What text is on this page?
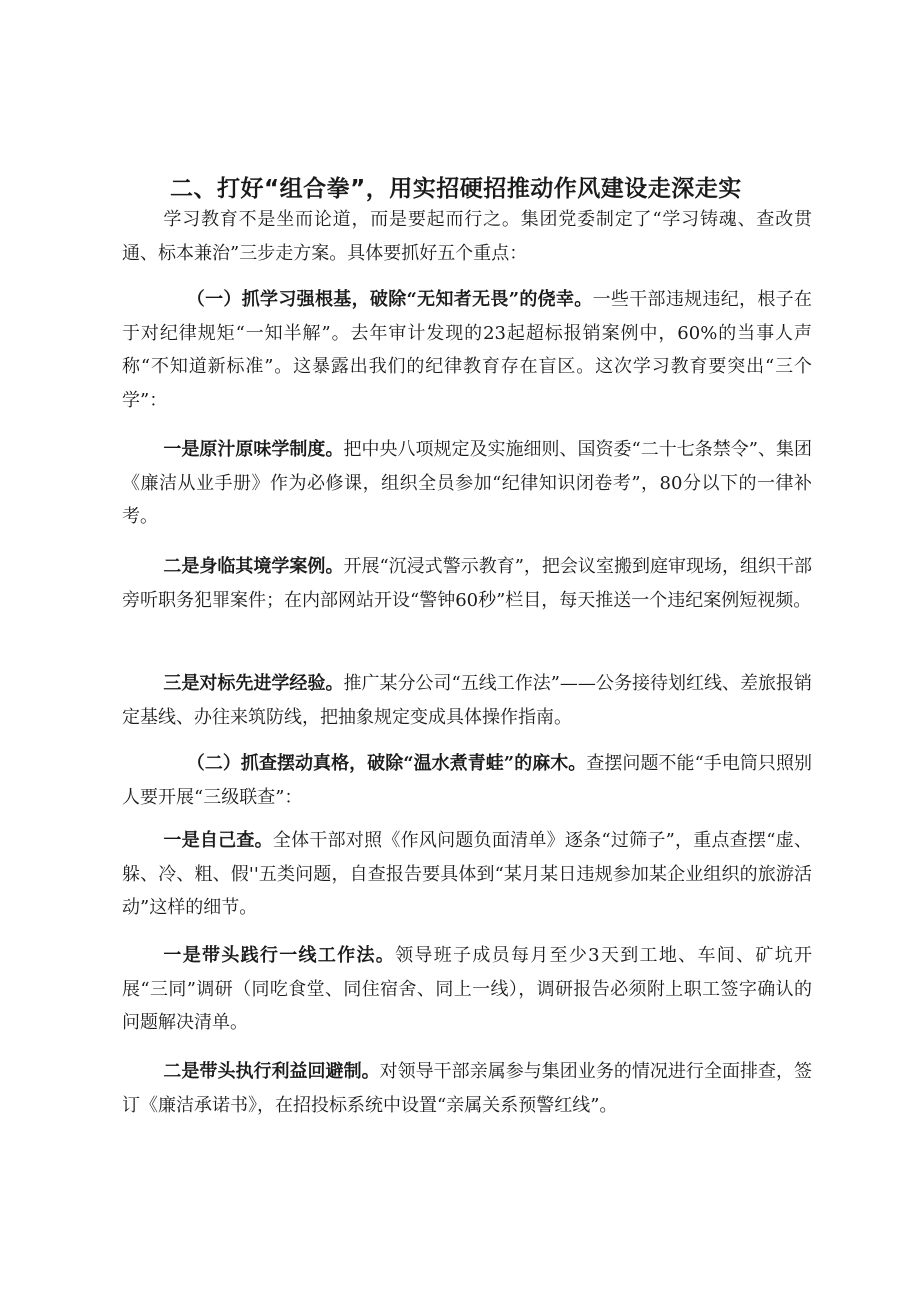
二、打好“组合拳”，用实招硬招推动作风建设走深走实

学习教育不是坐而论道，而是要起而行之。集团党委制定了“学习铸魂、查改贯通、标本兼治”三步走方案。具体要抓好五个重点：

（一）抓学习强根基，破除“无知者无畏”的侥幸。一些干部违规违纪，根子在于对纪律规矩“一知半解”。去年审计发现的23起超标报销案例中，60%的当事人声称“不知道新标准”。这暴露出我们的纪律教育存在盲区。这次学习教育要突出“三个学”：

一是原汁原味学制度。把中央八项规定及实施细则、国资委“二十七条禁令”、集团《廉洁从业手册》作为必修课，组织全员参加“纪律知识闭卷考”，80分以下的一律补考。

二是身临其境学案例。开展“沉浸式警示教育”，把会议室搬到庭审现场，组织干部旁听职务犯罪案件；在内部网站开设“警钟60秒”栏目，每天推送一个违纪案例短视频。

三是对标先进学经验。推广某分公司“五线工作法”——公务接待划红线、差旅报销定基线、办往来筑防线，把抽象规定变成具体操作指南。

（二）抓查摆动真格，破除“温水煮青蛙”的麻木。查摆问题不能“手电筒只照别人要开展“三级联查”：

一是自己查。全体干部对照《作风问题负面清单》逐条“过筛子”，重点查摆“虚、躲、冷、粗、假''五类问题，自查报告要具体到“某月某日违规参加某企业组织的旅游活动”这样的细节。

一是带头践行一线工作法。领导班子成员每月至少3天到工地、车间、矿坑开展“三同”调研（同吃食堂、同住宿舍、同上一线），调研报告必须附上职工签字确认的问题解决清单。

二是带头执行利益回避制。对领导干部亲属参与集团业务的情况进行全面排查，签订《廉洁承诺书》，在招投标系统中设置“亲属关系预警红线”。
